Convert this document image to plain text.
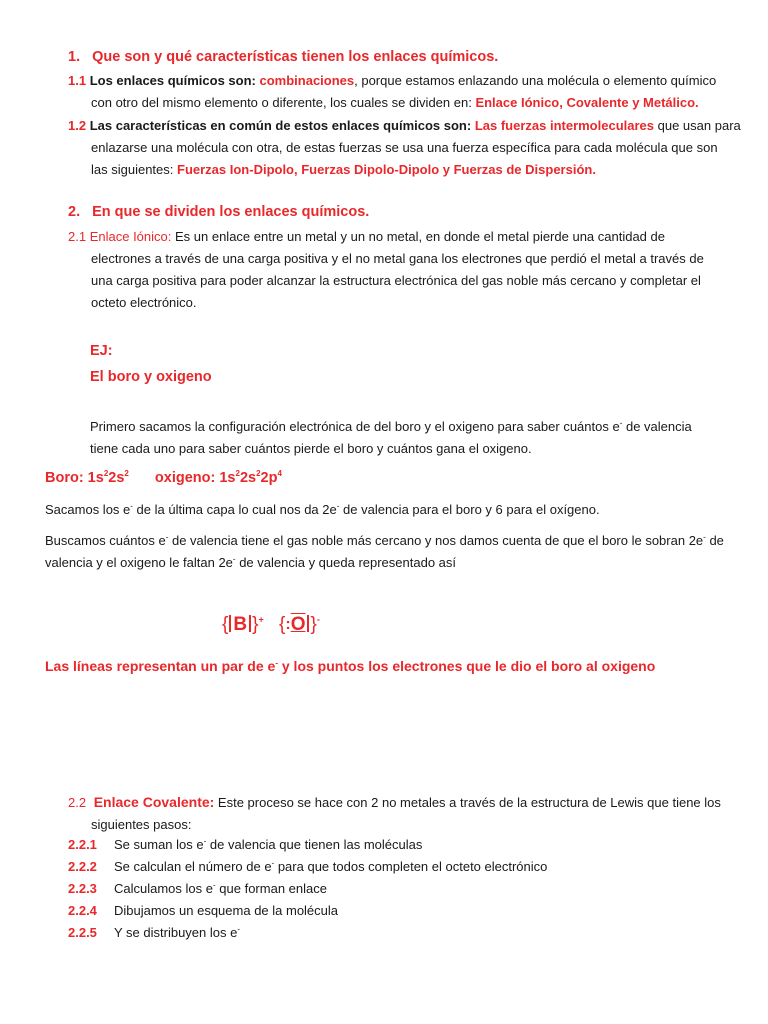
1. Que son y qué características tienen los enlaces químicos.
1.1 Los enlaces químicos son: combinaciones, porque estamos enlazando una molécula o elemento químico
con otro del mismo elemento o diferente, los cuales se dividen en: Enlace Iónico, Covalente y Metálico.
1.2 Las características en común de estos enlaces químicos son: Las fuerzas intermoleculares que usan para
enlazarse una molécula con otra, de estas fuerzas se usa una fuerza específica para cada molécula que son
las siguientes: Fuerzas Ion-Dipolo, Fuerzas Dipolo-Dipolo y Fuerzas de Dispersión.
2. En que se dividen los enlaces químicos.
2.1 Enlace Iónico: Es un enlace entre un metal y un no metal, en donde el metal pierde una cantidad de
electrones a través de una carga positiva y el no metal gana los electrones que perdió el metal a través de
una carga positiva para poder alcanzar la estructura electrónica del gas noble más cercano y completar el
octeto electrónico.
EJ:
El boro y oxigeno
Primero sacamos la configuración electrónica de del boro y el oxigeno para saber cuántos e- de valencia
tiene cada uno para saber cuántos pierde el boro y cuántos gana el oxigeno.
Boro: $1s^22s^2$ oxigeno: $1s^22s^22p^4$
Sacamos los e- de la última capa lo cual nos da 2e- de valencia para el boro y 6 para el oxígeno.
Buscamos cuántos e- de valencia tiene el gas noble más cercano y nos damos cuenta de que el boro le sobran 2e- de
valencia y el oxigeno le faltan 2e- de valencia y queda representado así
{ B }+ {:O }-
Las líneas representan un par de e- y los puntos los electrones que le dio el boro al oxigeno
2.2 Enlace Covalente: Este proceso se hace con 2 no metales a través de la estructura de Lewis que tiene los
siguientes pasos:
2.2.1 Se suman los e- de valencia que tienen las moléculas
2.2.2 Se calculan el número de e- para que todos completen el octeto electrónico
2.2.3 Calculamos los e- que forman enlace
2.2.4 Dibujamos un esquema de la molécula
2.2.5 Y se distribuyen los e-
